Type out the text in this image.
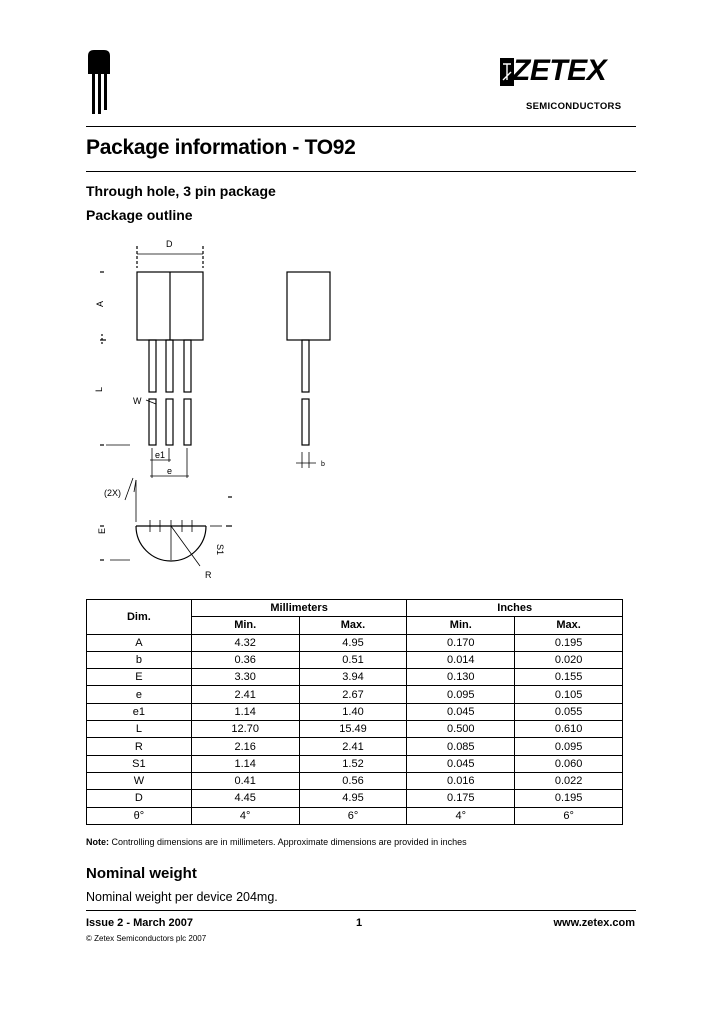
ZETEX
SEMICONDUCTORS
Package information - TO92
Through hole, 3 pin package
Package outline
D
A
L
W
e1
e
b
(2X)
E
S1
R
Dim.	Millimeters		Inches	
	Min.	Max.	Min.	Max.
A	4.32	4.95	0.170	0.195
b	0.36	0.51	0.014	0.020
E	3.30	3.94	0.130	0.155
e	2.41	2.67	0.095	0.105
e1	1.14	1.40	0.045	0.055
L	12.70	15.49	0.500	0.610
R	2.16	2.41	0.085	0.095
S1	1.14	1.52	0.045	0.060
W	0.41	0.56	0.016	0.022
D	4.45	4.95	0.175	0.195
θ°	4°	6°	4°	6°
Note: Controlling dimensions are in millimeters. Approximate dimensions are provided in inches
Nominal weight
Nominal weight per device 204mg.
Issue 2 - March 2007	1	www.zetex.com
© Zetex Semiconductors plc 2007
